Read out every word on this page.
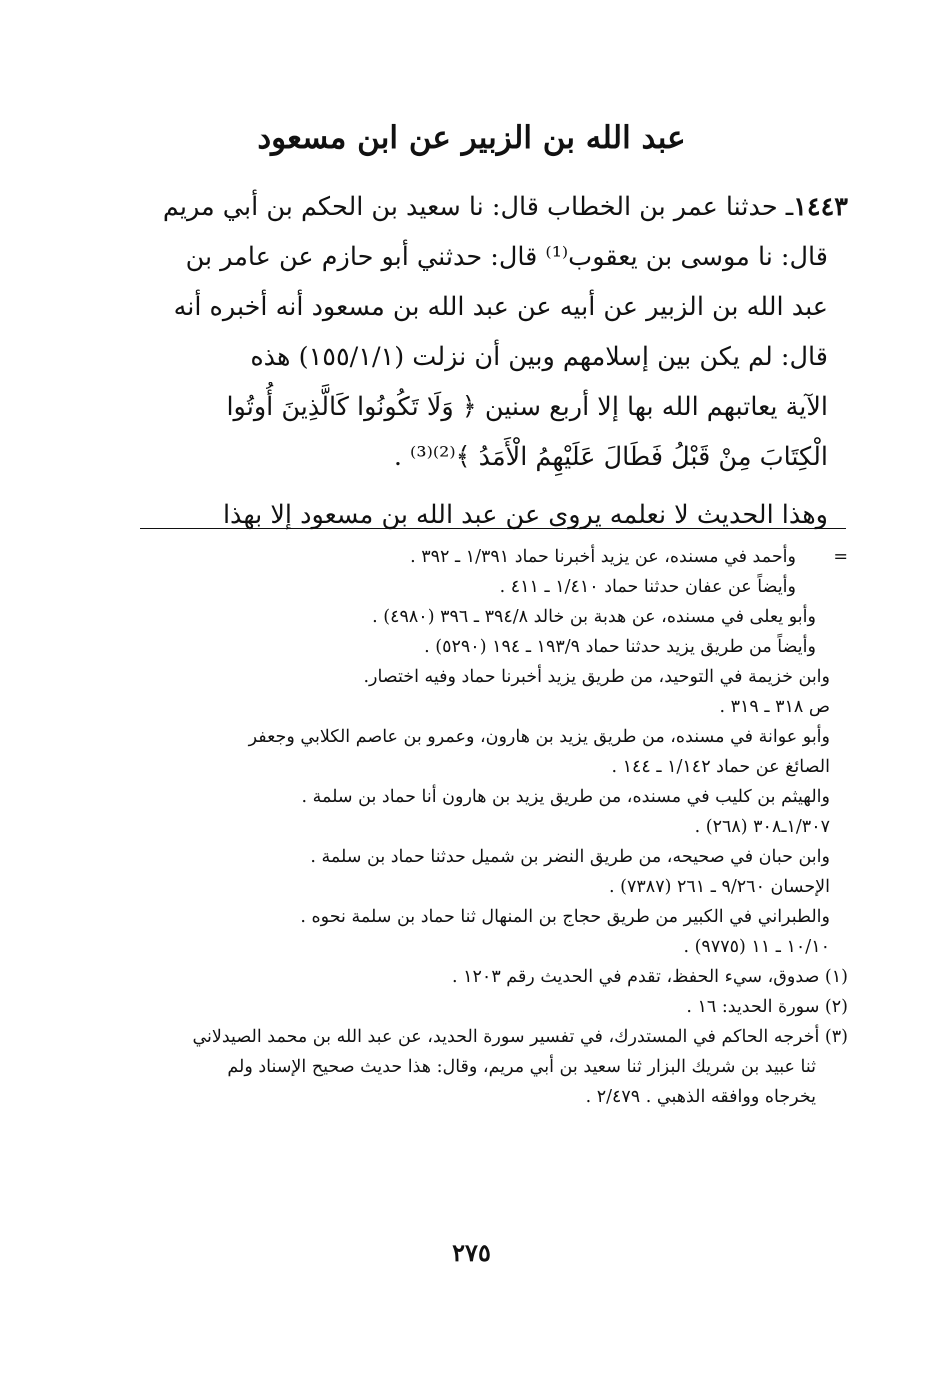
عبد الله بن الزبير عن ابن مسعود
١٤٤٣ـ حدثنا عمر بن الخطاب قال: نا سعيد بن الحكم بن أبي مريم
قال: نا موسى بن يعقوب⁽¹⁾ قال: حدثني أبو حازم عن عامر بن
عبد الله بن الزبير عن أبيه عن عبد الله بن مسعود أنه أخبره أنه
قال: لم يكن بين إسلامهم وبين أن نزلت (١٥٥/١/١) هذه
الآية يعاتبهم الله بها إلا أربع سنين ﴿ وَلَا تَكُونُوا كَالَّذِينَ أُوتُوا
الْكِتَابَ مِنْ قَبْلُ فَطَالَ عَلَيْهِمُ الْأَمَدُ ﴾⁽²⁾⁽³⁾ .
وهذا الحديث لا نعلمه يروى عن عبد الله بن مسعود إلا بهذا
=وأحمد في مسنده، عن يزيد أخبرنا حماد ١/٣٩١ ـ ٣٩٢ .
وأيضاً عن عفان حدثنا حماد ١/٤١٠ ـ ٤١١ .
وأبو يعلى في مسنده، عن هدبة بن خالد ٣٩٤/٨ ـ ٣٩٦ (٤٩٨٠) .
وأيضاً من طريق يزيد حدثنا حماد ١٩٣/٩ ـ ١٩٤ (٥٢٩٠) .
وابن خزيمة في التوحيد، من طريق يزيد أخبرنا حماد وفيه اختصار.
ص ٣١٨ ـ ٣١٩ .
وأبو عوانة في مسنده، من طريق يزيد بن هارون، وعمرو بن عاصم الكلابي وجعفر
الصائغ عن حماد ١/١٤٢ ـ ١٤٤ .
والهيثم بن كليب في مسنده، من طريق يزيد بن هارون أنا حماد بن سلمة .
١/٣٠٧ـ٣٠٨ (٢٦٨) .
وابن حبان في صحيحه، من طريق النضر بن شميل حدثنا حماد بن سلمة .
الإحسان ٩/٢٦٠ ـ ٢٦١ (٧٣٨٧) .
والطبراني في الكبير من طريق حجاج بن المنهال ثنا حماد بن سلمة نحوه .
١٠/١٠ ـ ١١ (٩٧٧٥) .
(١) صدوق، سيء الحفظ، تقدم في الحديث رقم ١٢٠٣ .
(٢) سورة الحديد: ١٦ .
(٣) أخرجه الحاكم في المستدرك، في تفسير سورة الحديد، عن عبد الله بن محمد الصيدلاني
ثنا عبيد بن شريك البزار ثنا سعيد بن أبي مريم، وقال: هذا حديث صحيح الإسناد ولم
يخرجاه ووافقه الذهبي . ٢/٤٧٩ .
٢٧٥
